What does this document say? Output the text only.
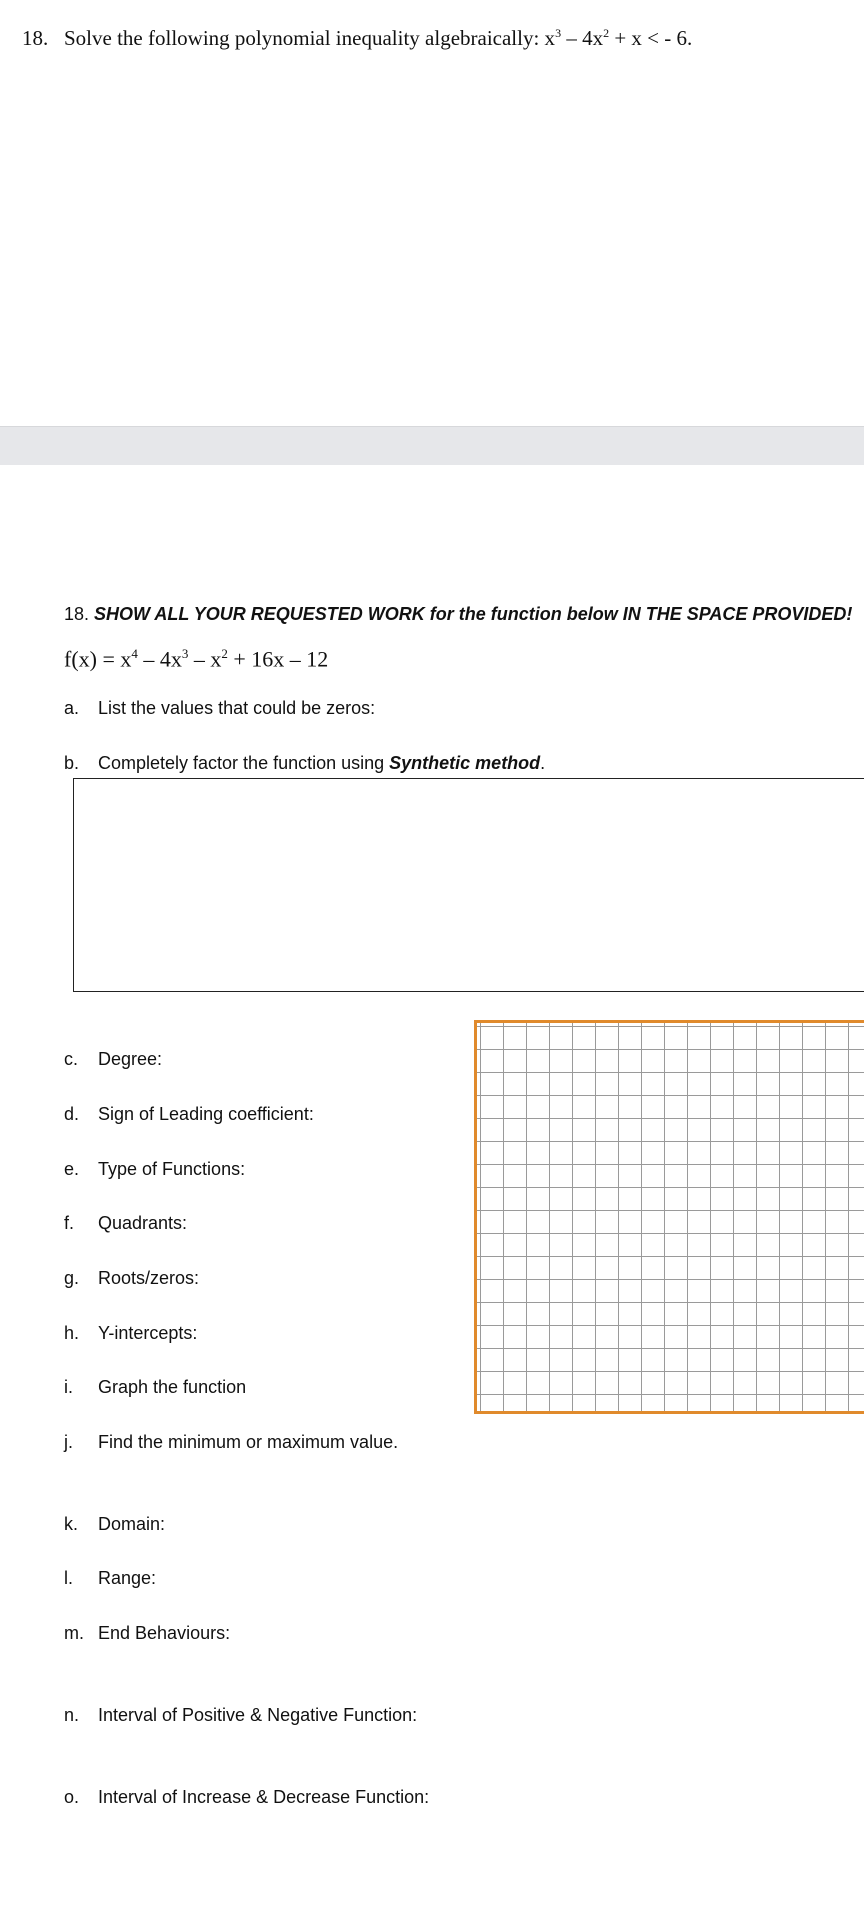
18. Solve the following polynomial inequality algebraically: $x^3 - 4x^2 + x$ < - 6.
18. SHOW ALL YOUR REQUESTED WORK for the function below IN THE SPACE PROVIDED!
$f(x) = x^4 - 4x^3 - x^2 + 16x - 12$
a. List the values that could be zeros:
b. Completely factor the function using Synthetic method.
c. Degree:
d. Sign of Leading coefficient:
e. Type of Functions:
f. Quadrants:
g. Roots/zeros:
h. Y-intercepts:
i. Graph the function
j. Find the minimum or maximum value.
k. Domain:
l. Range:
m. End Behaviours:
n. Interval of Positive & Negative Function:
o. Interval of Increase & Decrease Function:
